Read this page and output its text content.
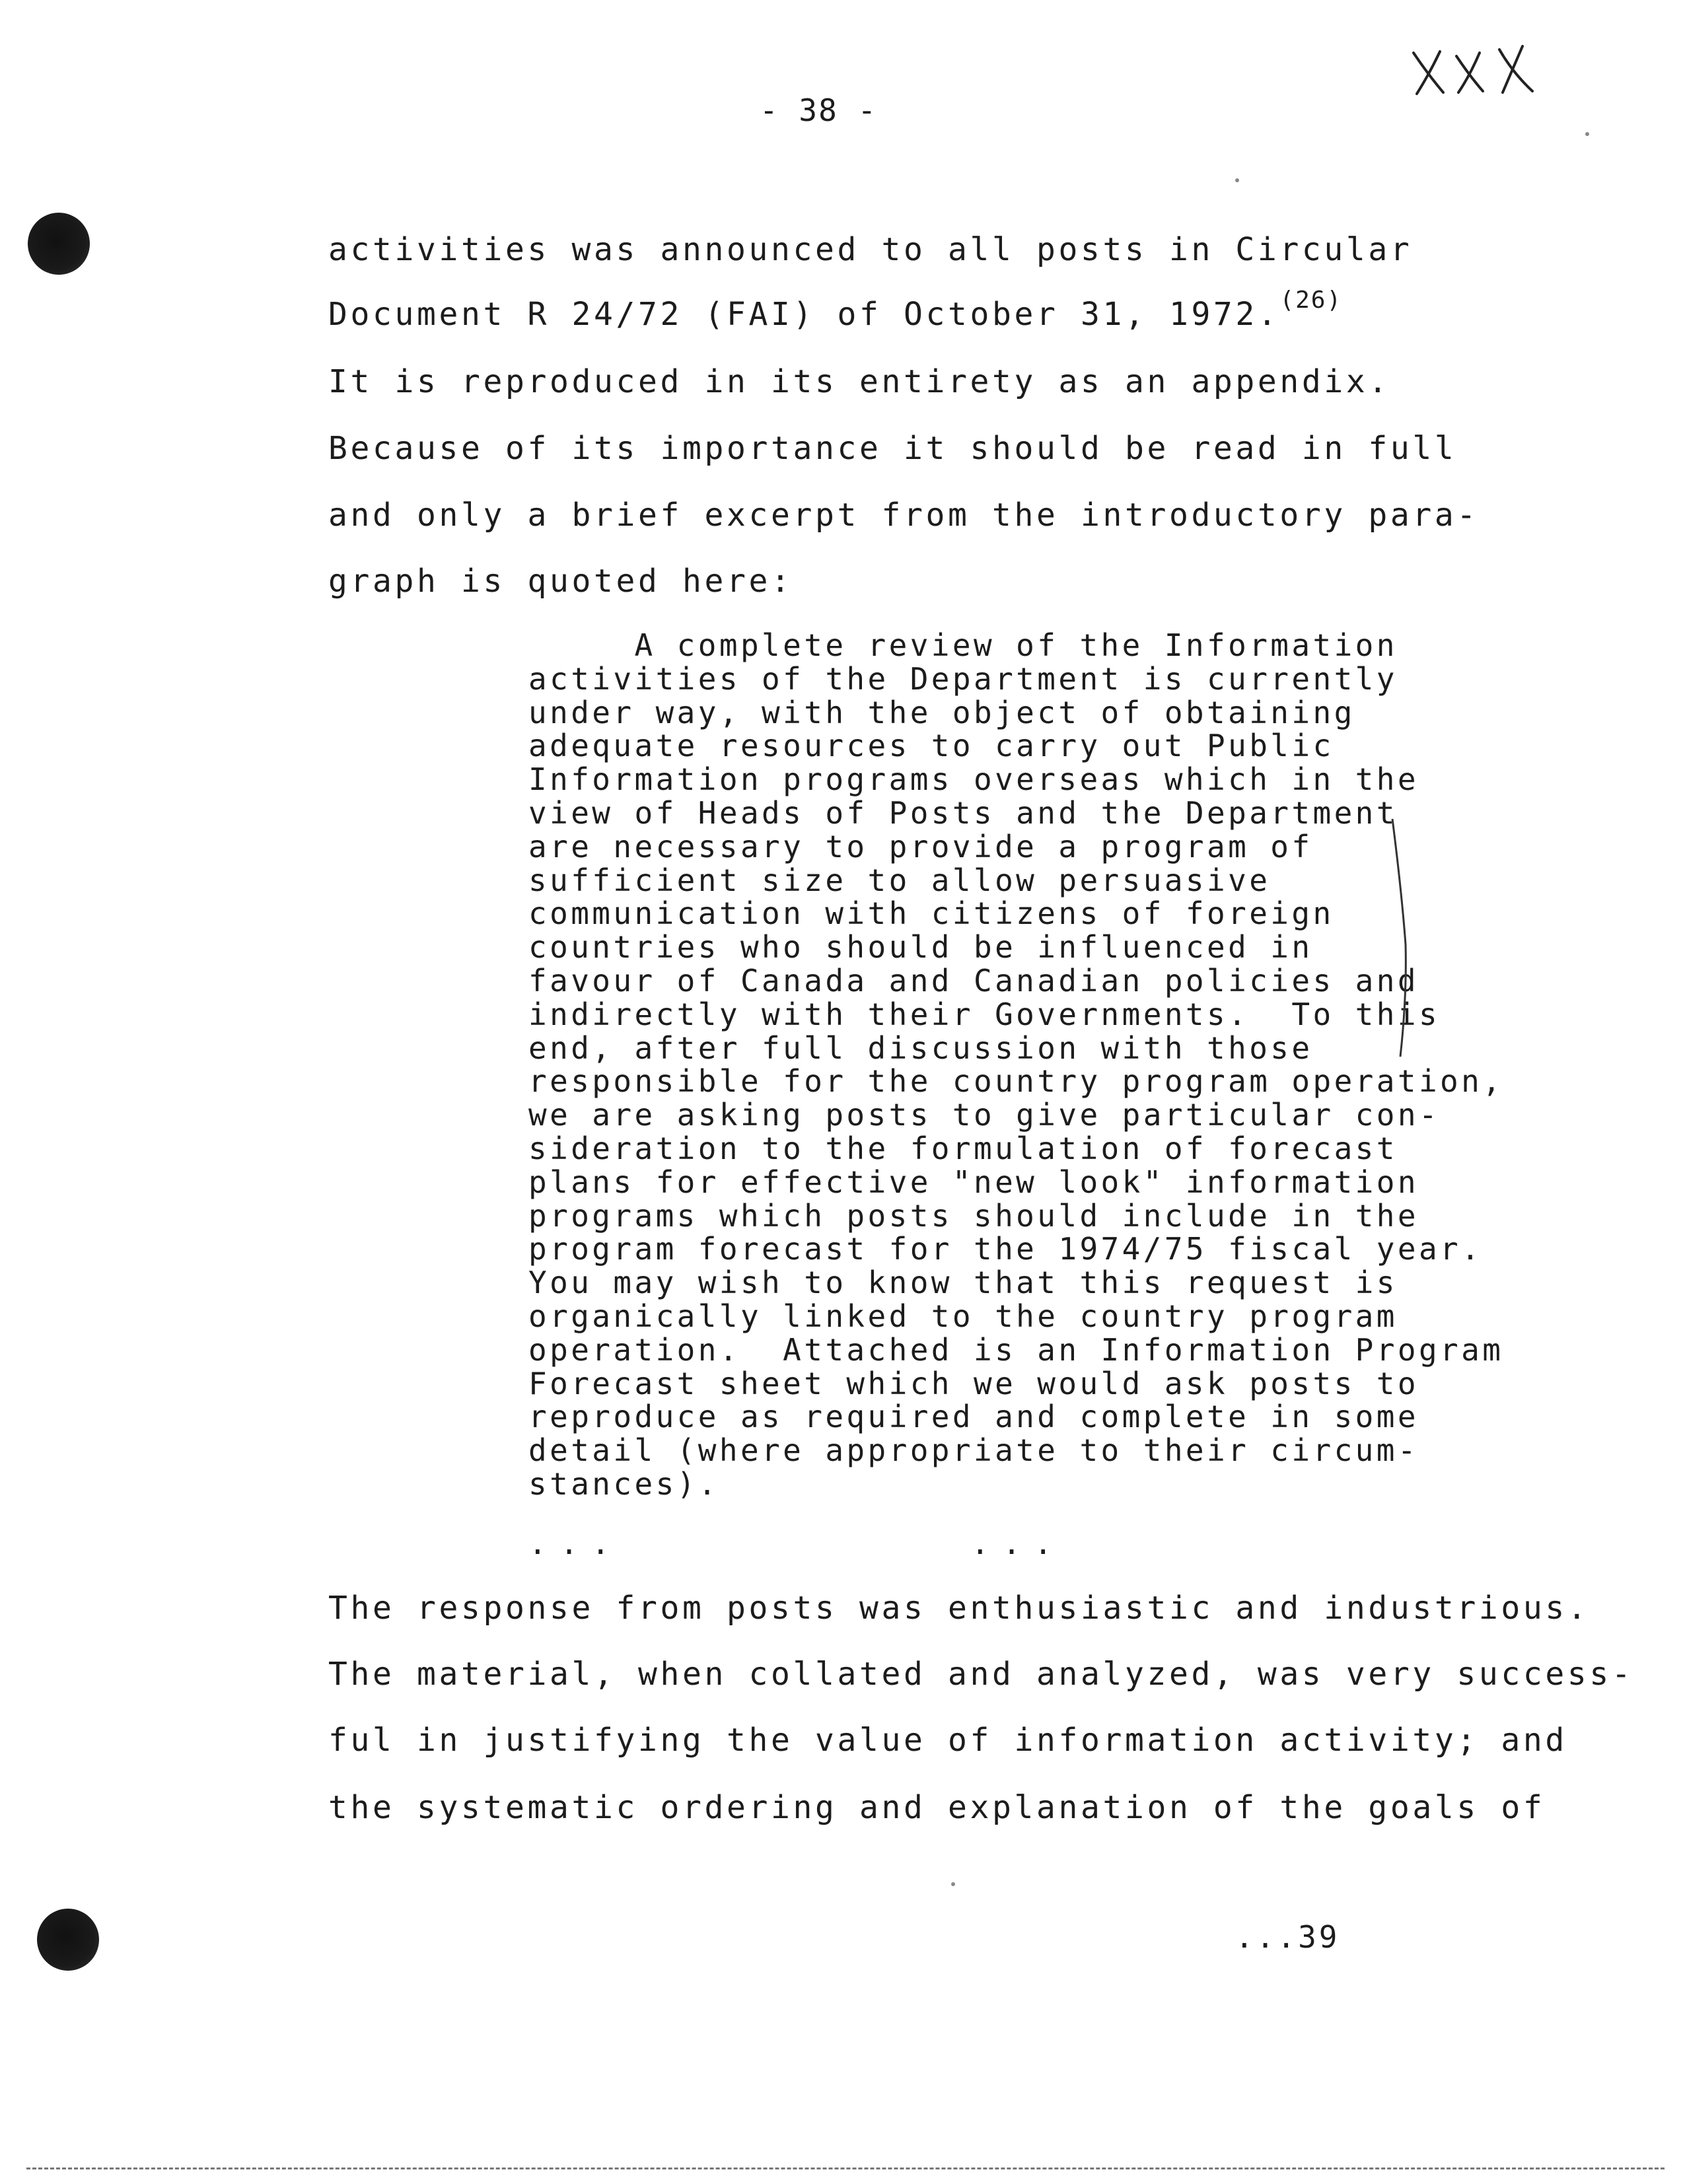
- 38 -
activities was announced to all posts in Circular
Document R 24/72 (FAI) of October 31, 1972.$^{(26)}$
It is reproduced in its entirety as an appendix.
Because of its importance it should be read in full
and only a brief excerpt from the introductory para-
graph is quoted here:
A complete review of the Information
activities of the Department is currently
under way, with the object of obtaining
adequate resources to carry out Public
Information programs overseas which in the
view of Heads of Posts and the Department
are necessary to provide a program of
sufficient size to allow persuasive
communication with citizens of foreign
countries who should be influenced in
favour of Canada and Canadian policies and
indirectly with their Governments.  To this
end, after full discussion with those
responsible for the country program operation,
we are asking posts to give particular con-
sideration to the formulation of forecast
plans for effective "new look" information
programs which posts should include in the
program forecast for the 1974/75 fiscal year.
You may wish to know that this request is
organically linked to the country program
operation.  Attached is an Information Program
Forecast sheet which we would ask posts to
reproduce as required and complete in some
detail (where appropriate to their circum-
stances).
...	...
The response from posts was enthusiastic and industrious.
The material, when collated and analyzed, was very success-
ful in justifying the value of information activity; and
the systematic ordering and explanation of the goals of
...39
